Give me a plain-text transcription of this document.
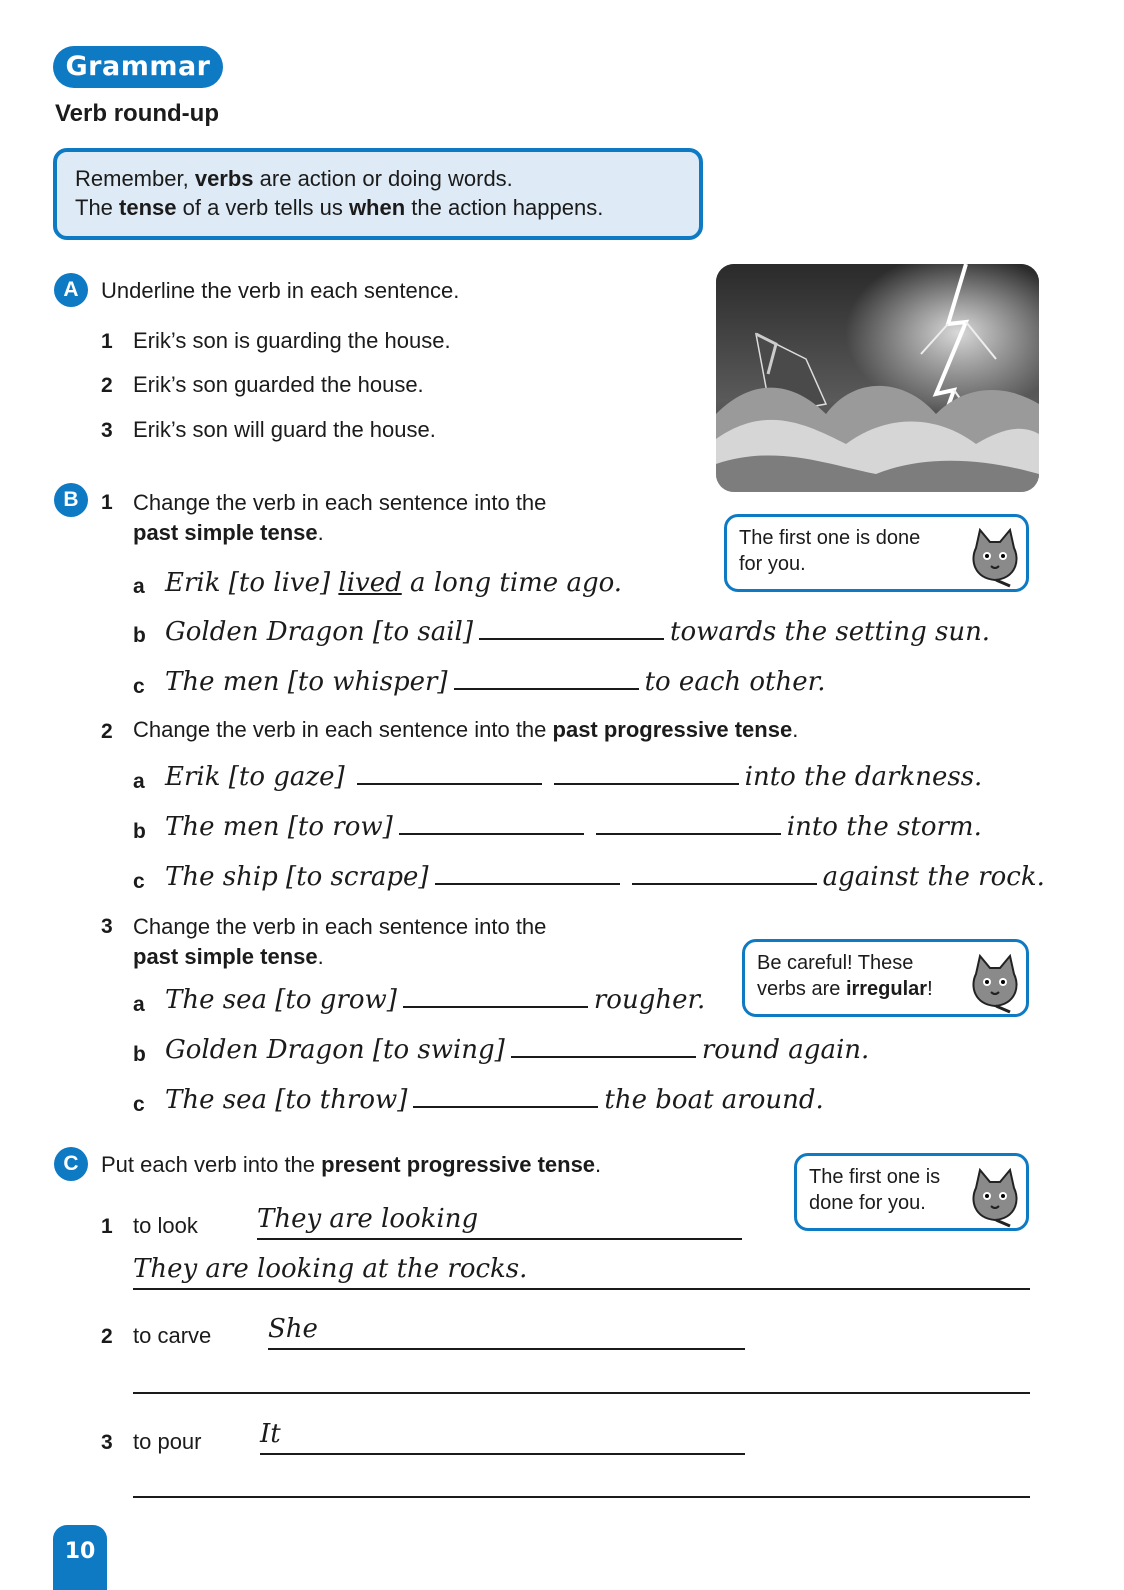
Grammar
Verb round-up
Remember, verbs are action or doing words.
The tense of a verb tells us when the action happens.
A	Underline the verb in each sentence.
1 Erik’s son is guarding the house.
2 Erik’s son guarded the house.
3 Erik’s son will guard the house.
B	1 Change the verb in each sentence into the
past simple tense.	The first one is done
for you.
a Erik [to live] lived a long time ago.
b Golden Dragon [to sail]	towards the setting sun.
c The men [to whisper]	to each other.
2 Change the verb in each sentence into the past progressive tense.
a Erik [to gaze]	into the darkness.
b The men [to row]	into the storm.
c The ship [to scrape]	against the rock.
3 Change the verb in each sentence into the
past simple tense.	Be careful! These
verbs are irregular!
a The sea [to grow]	rougher.
b Golden Dragon [to swing]	round again.
c The sea [to throw]	the boat around.
C	Put each verb into the present progressive tense.	The first one is
done for you.
1 to look They are looking
They are looking at the rocks.
2 to carve She
3 to pour It
10
